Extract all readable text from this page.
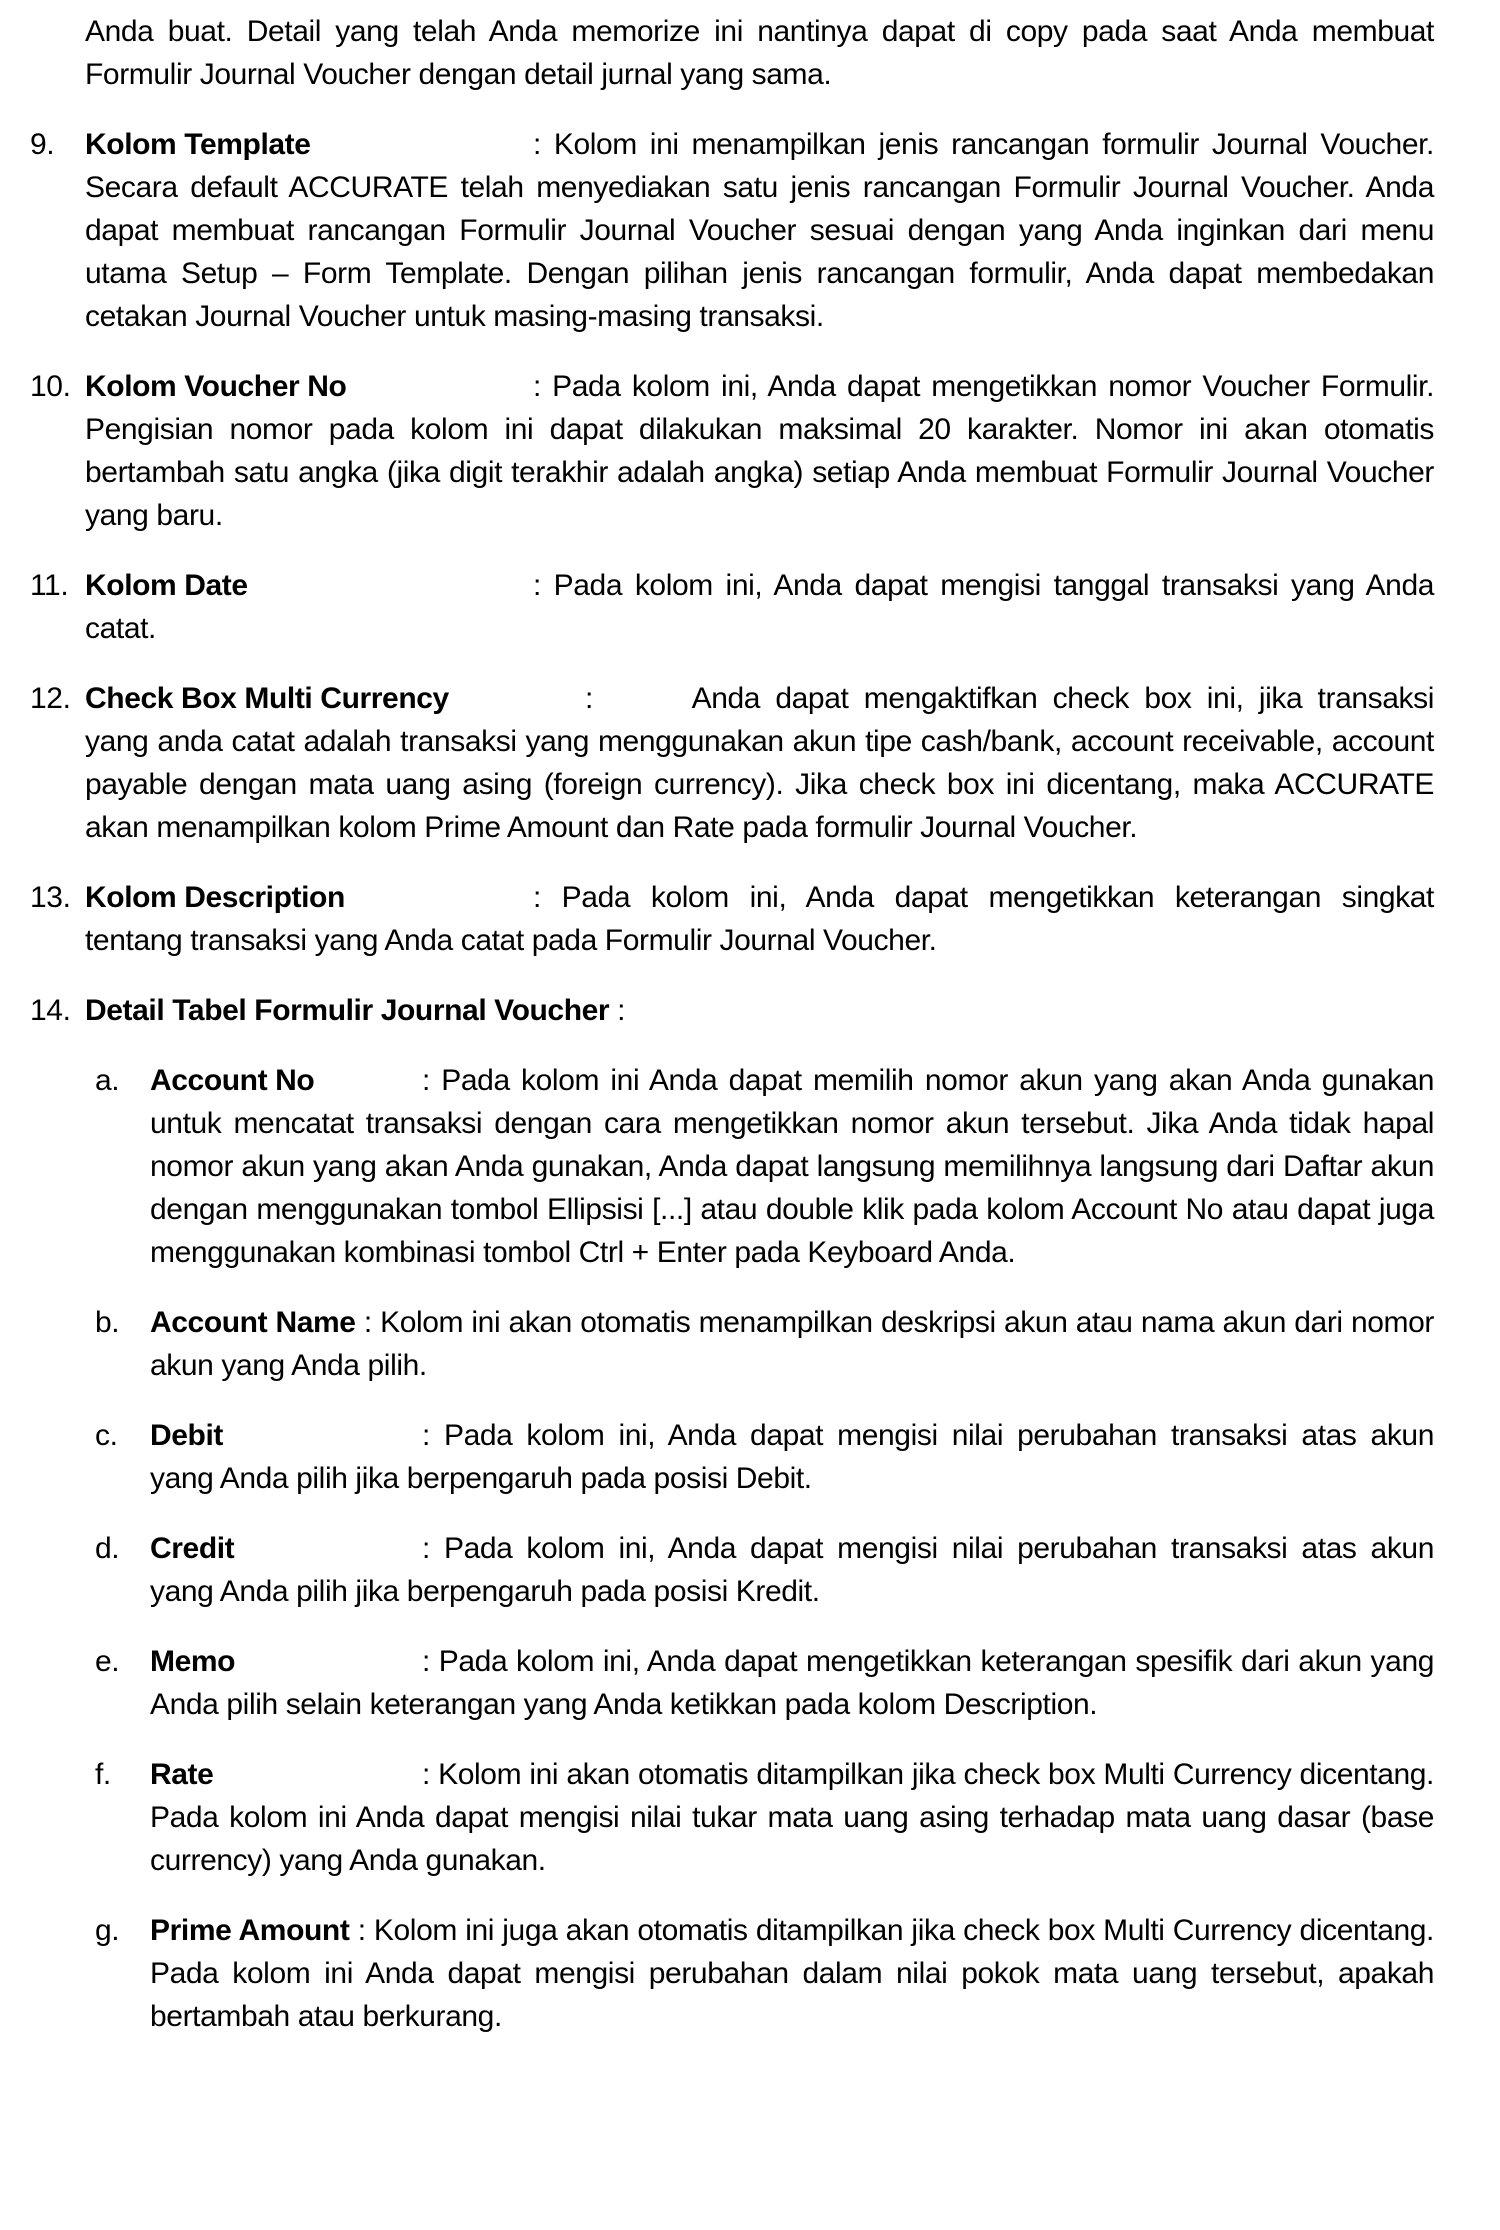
Anda buat. Detail yang telah Anda memorize ini nantinya dapat di copy pada saat Anda membuat Formulir Journal Voucher dengan detail jurnal yang sama.

9.	Kolom Template	: Kolom ini menampilkan jenis rancangan formulir Journal Voucher. Secara default ACCURATE telah menyediakan satu jenis rancangan Formulir Journal Voucher. Anda dapat membuat rancangan Formulir Journal Voucher sesuai dengan yang Anda inginkan dari menu utama Setup – Form Template. Dengan pilihan jenis rancangan formulir, Anda dapat membedakan cetakan Journal Voucher untuk masing-masing transaksi.
10. Kolom Voucher No	: Pada kolom ini, Anda dapat mengetikkan nomor Voucher Formulir. Pengisian nomor pada kolom ini dapat dilakukan maksimal 20 karakter. Nomor ini akan otomatis bertambah satu angka (jika digit terakhir adalah angka) setiap Anda membuat Formulir Journal Voucher yang baru.
11. Kolom Date	: Pada kolom ini, Anda dapat mengisi tanggal transaksi yang Anda catat.
12. Check Box Multi Currency	:	Anda dapat mengaktifkan check box ini, jika transaksi yang anda catat adalah transaksi yang menggunakan akun tipe cash/bank, account receivable, account payable dengan mata uang asing (foreign currency). Jika check box ini dicentang, maka ACCURATE akan menampilkan kolom Prime Amount dan Rate pada formulir Journal Voucher.
13. Kolom Description	: Pada kolom ini, Anda dapat mengetikkan keterangan singkat tentang transaksi yang Anda catat pada Formulir Journal Voucher.
14. Detail Tabel Formulir Journal Voucher :
a.	Account No	: Pada kolom ini Anda dapat memilih nomor akun yang akan Anda gunakan untuk mencatat transaksi dengan cara mengetikkan nomor akun tersebut. Jika Anda tidak hapal nomor akun yang akan Anda gunakan, Anda dapat langsung memilihnya langsung dari Daftar akun dengan menggunakan tombol Ellipsisi [...] atau double klik pada kolom Account No atau dapat juga menggunakan kombinasi tombol Ctrl + Enter pada Keyboard Anda.
b.	Account Name : Kolom ini akan otomatis menampilkan deskripsi akun atau nama akun dari nomor akun yang Anda pilih.
c.	Debit	: Pada kolom ini, Anda dapat mengisi nilai perubahan transaksi atas akun yang Anda pilih jika berpengaruh pada posisi Debit.
d.	Credit	: Pada kolom ini, Anda dapat mengisi nilai perubahan transaksi atas akun yang Anda pilih jika berpengaruh pada posisi Kredit.
e.	Memo	: Pada kolom ini, Anda dapat mengetikkan keterangan spesifik dari akun yang Anda pilih selain keterangan yang Anda ketikkan pada kolom Description.
f.	Rate	: Kolom ini akan otomatis ditampilkan jika check box Multi Currency dicentang. Pada kolom ini Anda dapat mengisi nilai tukar mata uang asing terhadap mata uang dasar (base currency) yang Anda gunakan.
g.	Prime Amount : Kolom ini juga akan otomatis ditampilkan jika check box Multi Currency dicentang. Pada kolom ini Anda dapat mengisi perubahan dalam nilai pokok mata uang tersebut, apakah bertambah atau berkurang.
